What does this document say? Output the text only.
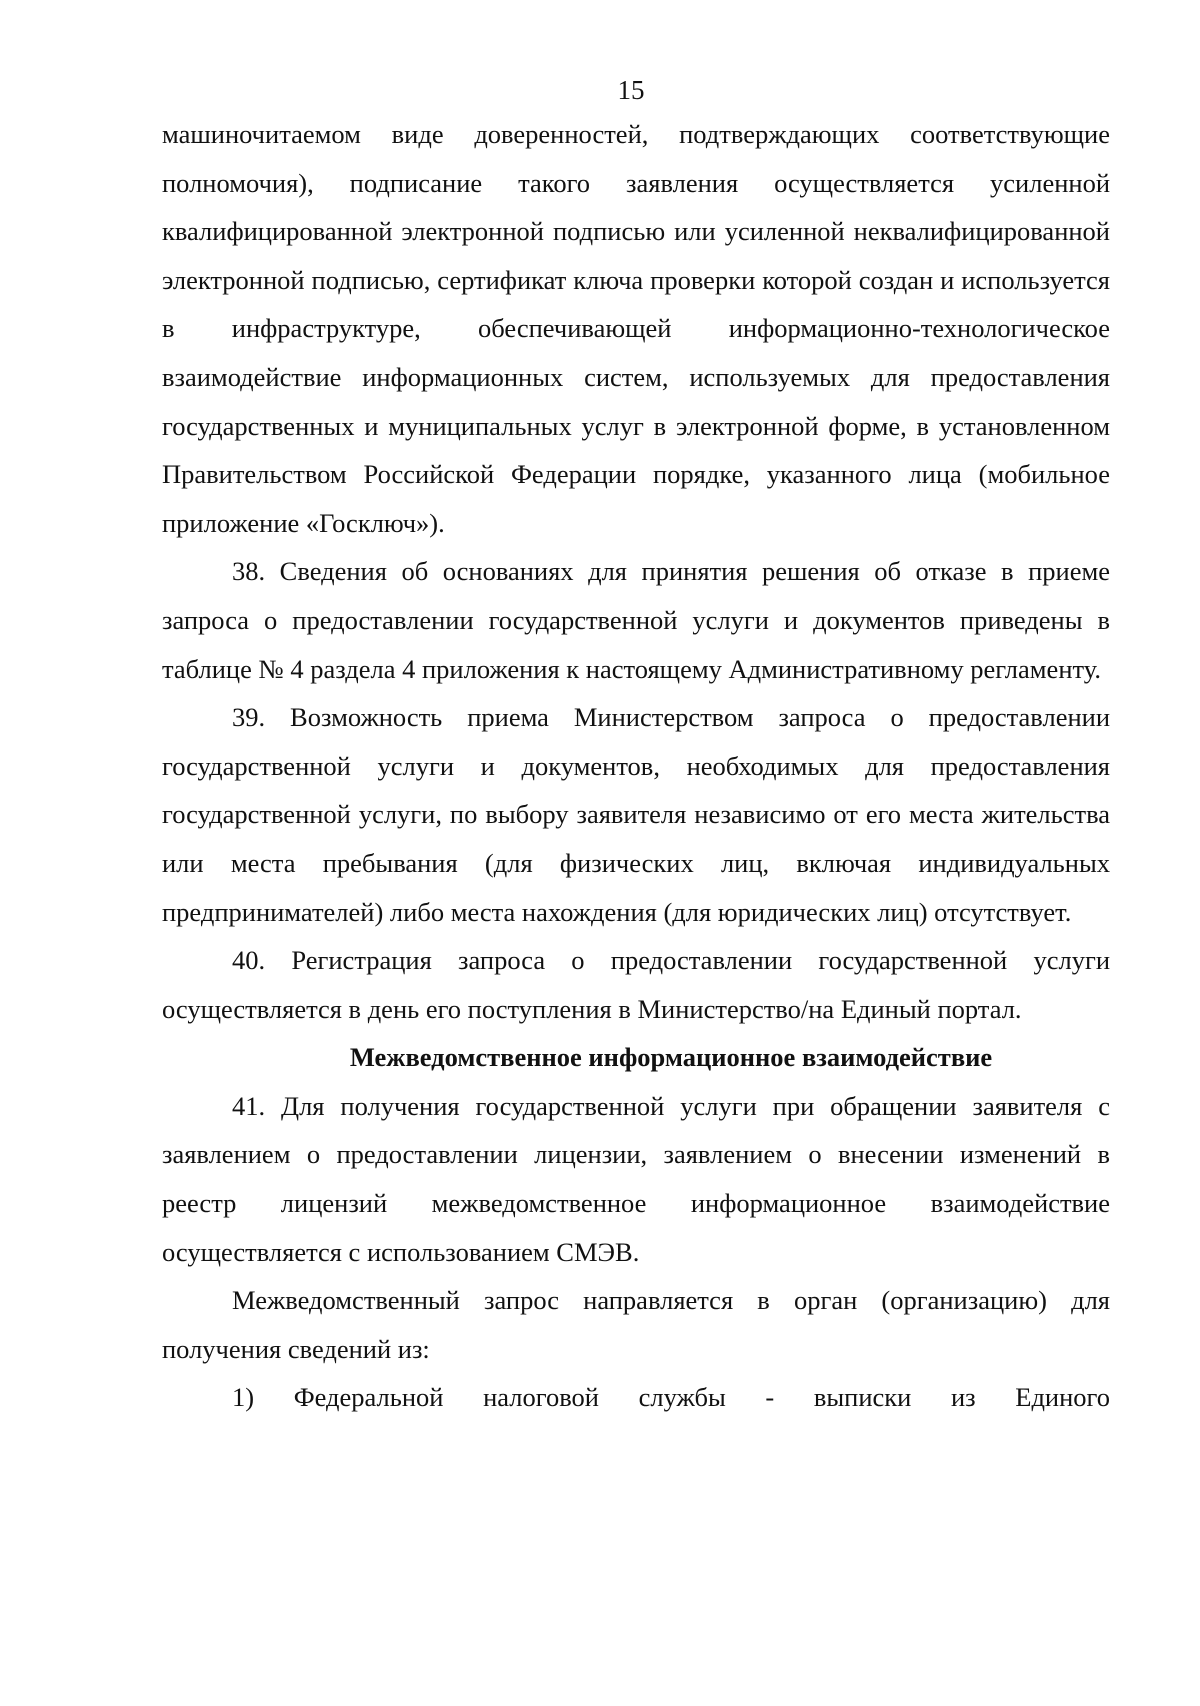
15

машиночитаемом виде доверенностей, подтверждающих соответствующие полномочия), подписание такого заявления осуществляется усиленной квалифицированной электронной подписью или усиленной неквалифицированной электронной подписью, сертификат ключа проверки которой создан и используется в инфраструктуре, обеспечивающей информационно-технологическое взаимодействие информационных систем, используемых для предоставления государственных и муниципальных услуг в электронной форме, в установленном Правительством Российской Федерации порядке, указанного лица (мобильное приложение «Госключ»).

38. Сведения об основаниях для принятия решения об отказе в приеме запроса о предоставлении государственной услуги и документов приведены в таблице № 4 раздела 4 приложения к настоящему Административному регламенту.

39. Возможность приема Министерством запроса о предоставлении государственной услуги и документов, необходимых для предоставления государственной услуги, по выбору заявителя независимо от его места жительства или места пребывания (для физических лиц, включая индивидуальных предпринимателей) либо места нахождения (для юридических лиц) отсутствует.

40. Регистрация запроса о предоставлении государственной услуги осуществляется в день его поступления в Министерство/на Единый портал.

Межведомственное информационное взаимодействие

41. Для получения государственной услуги при обращении заявителя с заявлением о предоставлении лицензии, заявлением о внесении изменений в реестр лицензий межведомственное информационное взаимодействие осуществляется с использованием СМЭВ.

Межведомственный запрос направляется в орган (организацию) для получения сведений из:

1) Федеральной налоговой службы - выписки из Единого
